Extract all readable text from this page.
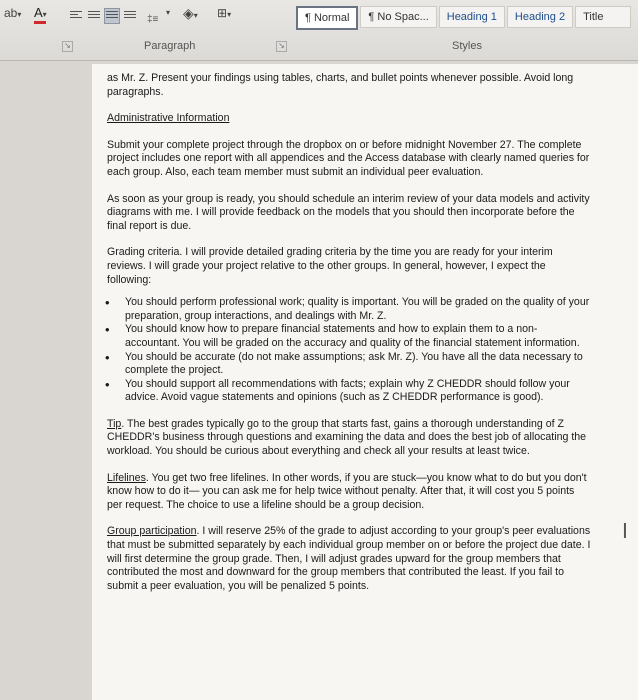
ab▾ A▾	‡≡
▾ ◈▾ ⊞▾	¶ Normal	¶ No Spac...	Heading 1	Heading 2	Title
↘	Paragraph	↘	Styles

as Mr. Z. Present your findings using tables, charts, and bullet points whenever possible. Avoid long paragraphs.

Administrative Information

Submit your complete project through the dropbox on or before midnight November 27. The complete project includes one report with all appendices and the Access database with clearly named queries for each group. Also, each team member must submit an individual peer evaluation.

As soon as your group is ready, you should schedule an interim review of your data models and activity diagrams with me. I will provide feedback on the models that you should then incorporate before the final report is due.

Grading criteria. I will provide detailed grading criteria by the time you are ready for your interim reviews. I will grade your project relative to the other groups. In general, however, I expect the following:

• You should perform professional work; quality is important. You will be graded on the quality of your preparation, group interactions, and dealings with Mr. Z.
• You should know how to prepare financial statements and how to explain them to a non-accountant. You will be graded on the accuracy and quality of the financial statement information.
• You should be accurate (do not make assumptions; ask Mr. Z). You have all the data necessary to complete the project.
• You should support all recommendations with facts; explain why Z CHEDDR should follow your advice. Avoid vague statements and opinions (such as Z CHEDDR performance is good).

Tip. The best grades typically go to the group that starts fast, gains a thorough understanding of Z CHEDDR's business through questions and examining the data and does the best job of allocating the workload. You should be curious about everything and check all your results at least twice.

Lifelines. You get two free lifelines. In other words, if you are stuck—you know what to do but you don't know how to do it— you can ask me for help twice without penalty. After that, it will cost you 5 points per request. The choice to use a lifeline should be a group decision.

Group participation. I will reserve 25% of the grade to adjust according to your group's peer evaluations that must be submitted separately by each individual group member on or before the project due date. I will first determine the group grade. Then, I will adjust grades upward for the group members that contributed the most and downward for the group members that contributed the least. If you fail to submit a peer evaluation, you will be penalized 5 points.

I
